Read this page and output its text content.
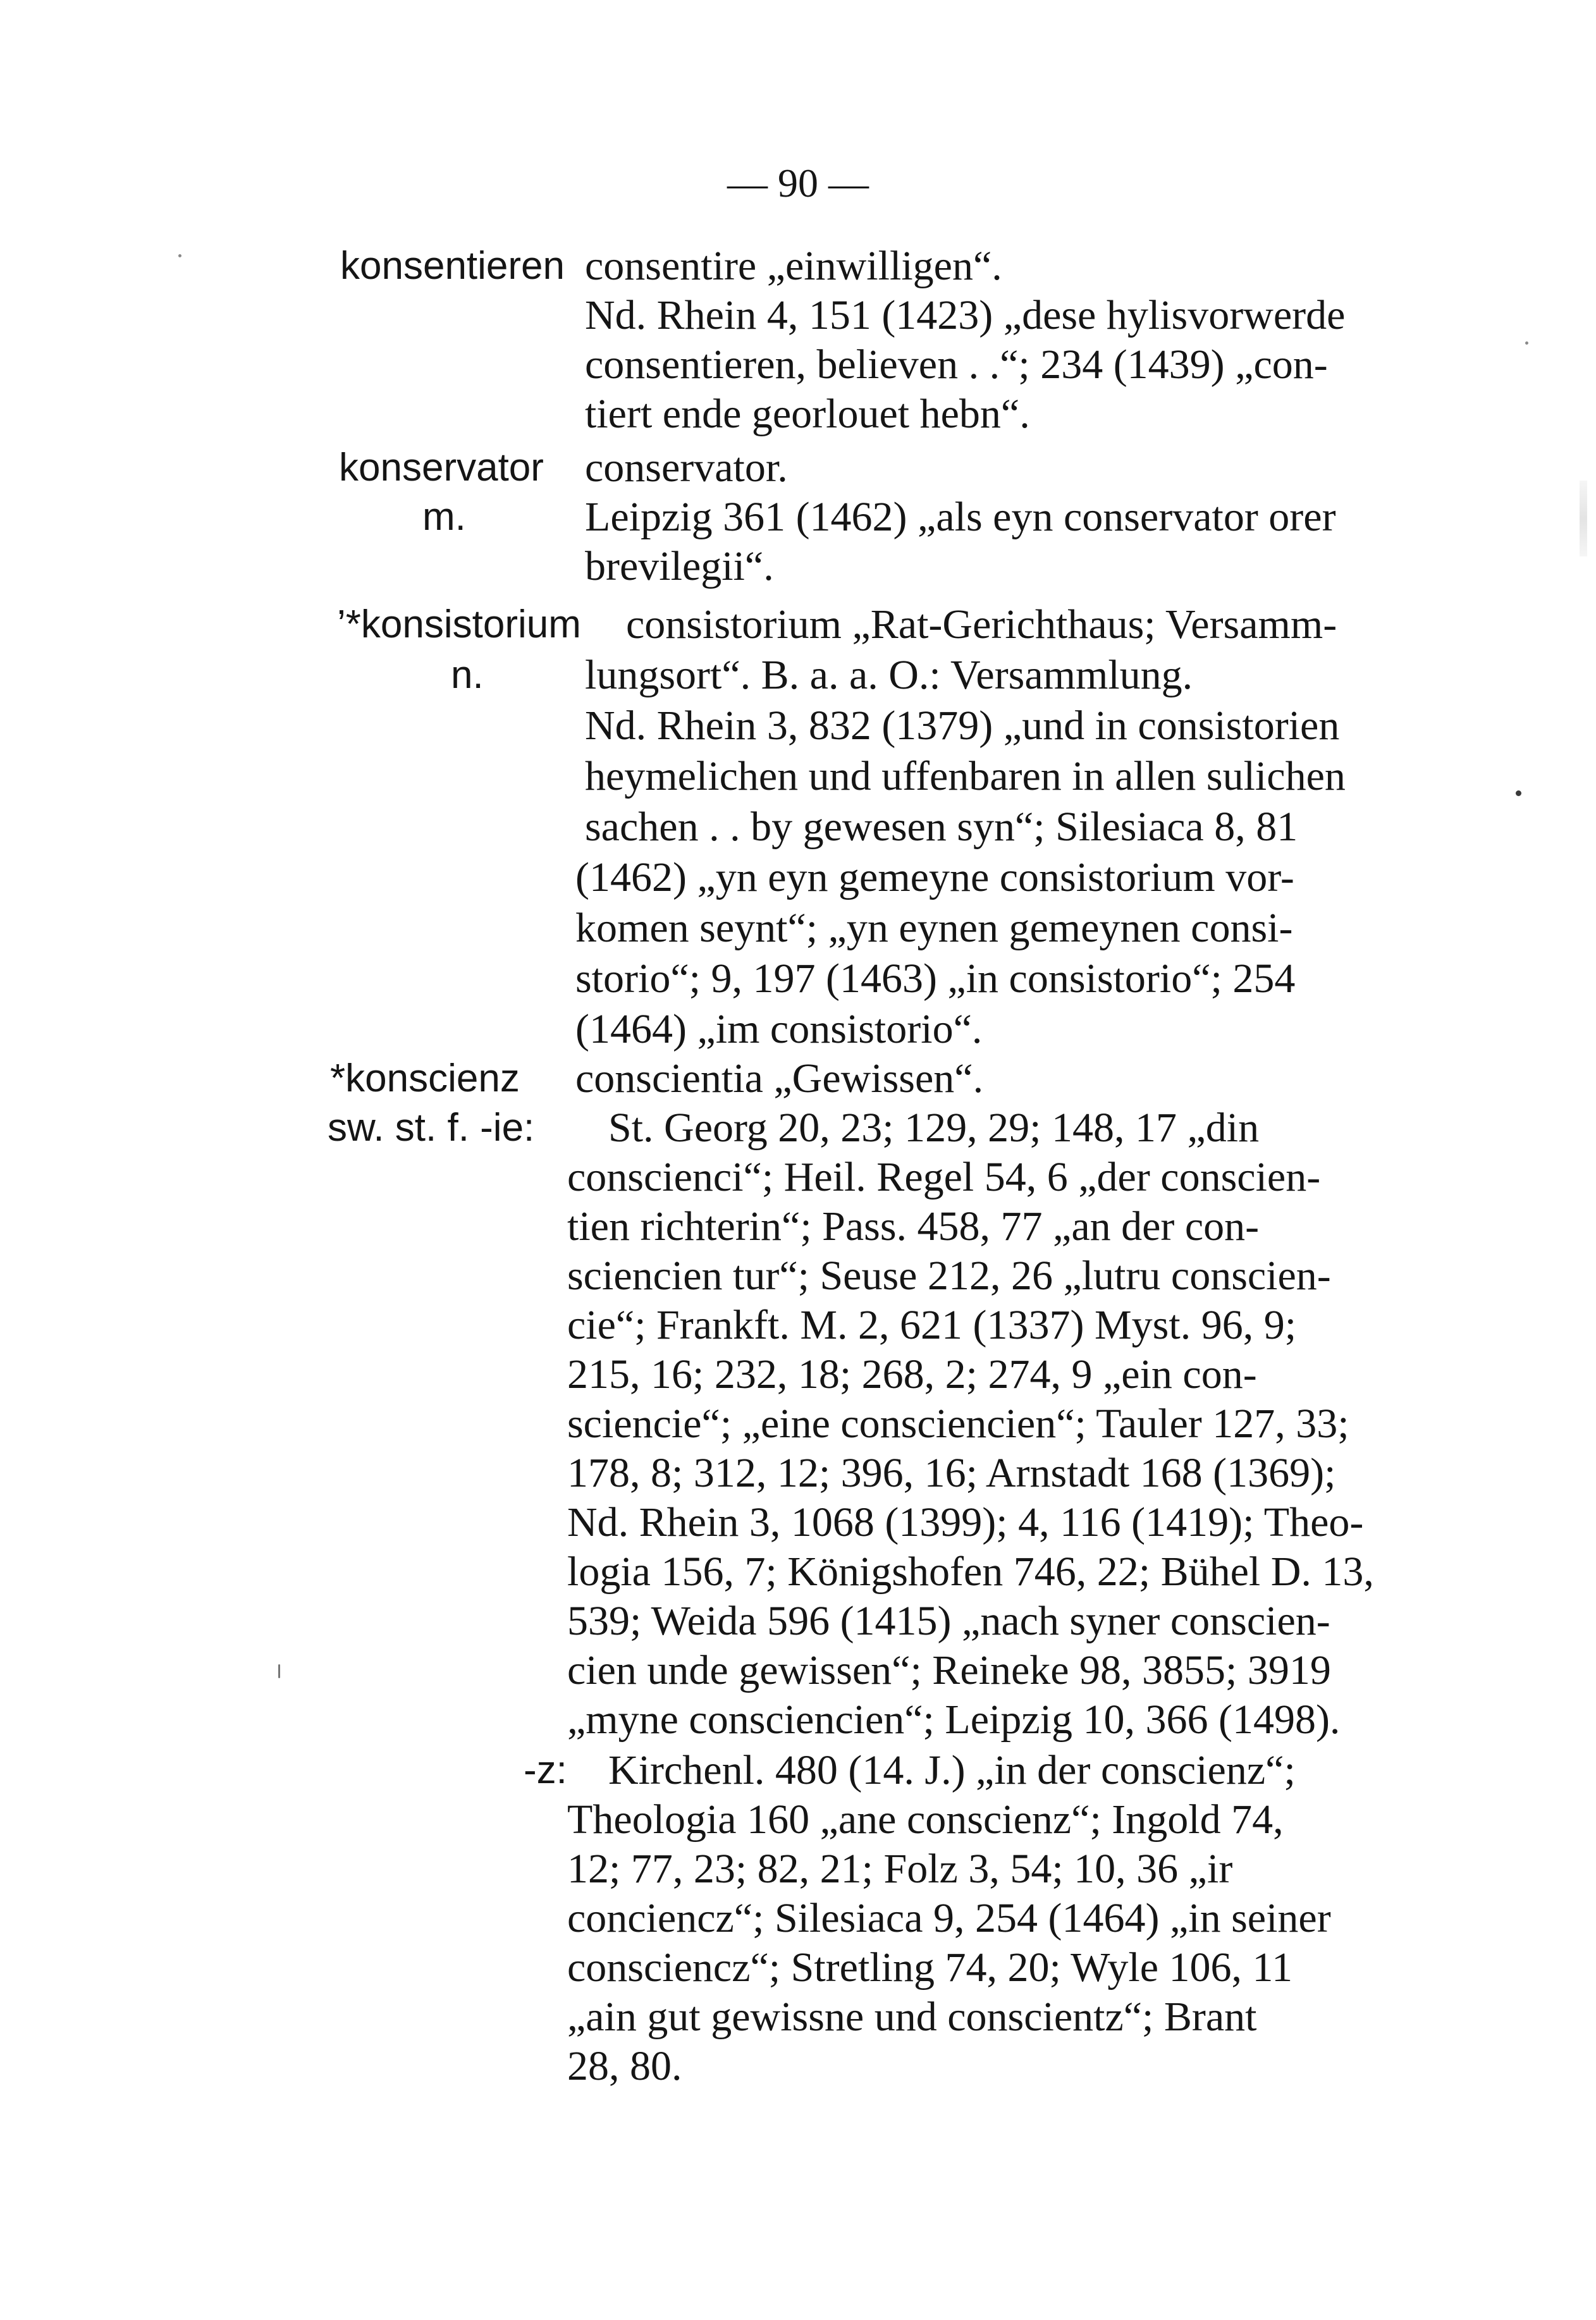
— 90 —
konsentieren consentire „einwilligen“.
Nd. Rhein 4, 151 (1423) „dese hylisvorwerde
consentieren, believen . .“; 234 (1439) „con-
tiert ende georlouet hebn“.
konservator
m.
conservator.
Leipzig 361 (1462) „als eyn conservator orer
brevilegii“.
’*konsistorium
n.
consistorium „Rat-Gerichthaus; Versamm-
lungsort“. B. a. a. O.: Versammlung.
Nd. Rhein 3, 832 (1379) „und in consistorien
heymelichen und uffenbaren in allen sulichen
sachen . . by gewesen syn“; Silesiaca 8, 81
(1462) „yn eyn gemeyne consistorium vor-
komen seynt“; „yn eynen gemeynen consi-
storio“; 9, 197 (1463) „in consistorio“; 254
(1464) „im consistorio“.
*konscienz
sw. st. f. -ie:
-z:
conscientia „Gewissen“.
St. Georg 20, 23; 129, 29; 148, 17 „din
conscienci“; Heil. Regel 54, 6 „der conscien-
tien richterin“; Pass. 458, 77 „an der con-
sciencien tur“; Seuse 212, 26 „lutru conscien-
cie“; Frankft. M. 2, 621 (1337) Myst. 96, 9;
215, 16; 232, 18; 268, 2; 274, 9 „ein con-
sciencie“; „eine consciencien“; Tauler 127, 33;
178, 8; 312, 12; 396, 16; Arnstadt 168 (1369);
Nd. Rhein 3, 1068 (1399); 4, 116 (1419); Theo-
logia 156, 7; Königshofen 746, 22; Bühel D. 13,
539; Weida 596 (1415) „nach syner conscien-
cien unde gewissen“; Reineke 98, 3855; 3919
„myne consciencien“; Leipzig 10, 366 (1498).
Kirchenl. 480 (14. J.) „in der conscienz“;
Theologia 160 „ane conscienz“; Ingold 74,
12; 77, 23; 82, 21; Folz 3, 54; 10, 36 „ir
conciencz“; Silesiaca 9, 254 (1464) „in seiner
consciencz“; Stretling 74, 20; Wyle 106, 11
„ain gut gewissne und conscientz“; Brant
28, 80.
